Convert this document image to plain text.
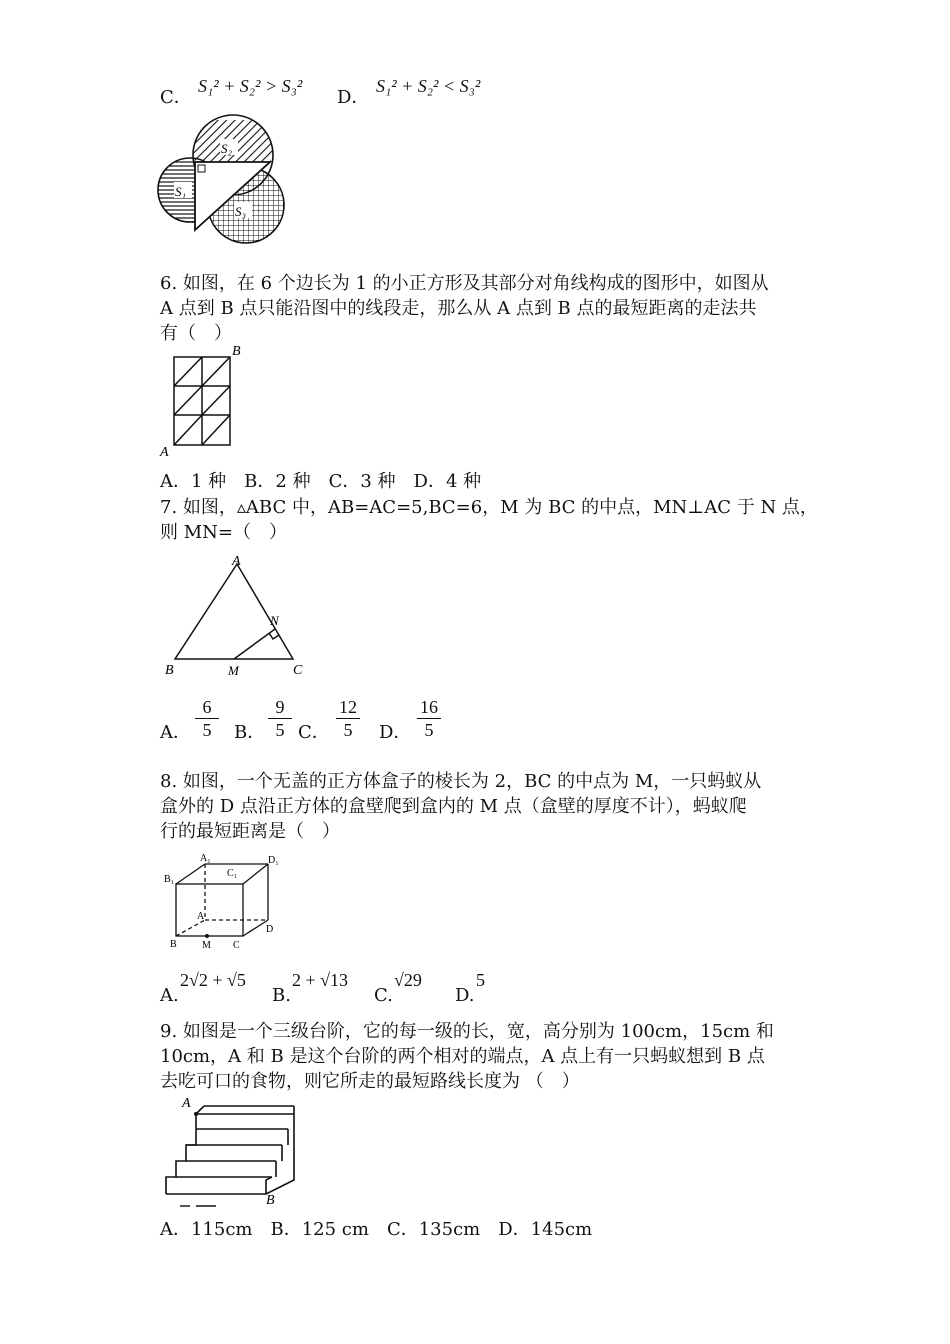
C．
S₁² + S₂² > S₃²
D．
S₁² + S₂² < S₃²
S₁
S₂
S₃
6. 如图，在 6 个边长为 1 的小正方形及其部分对角线构成的图形中，如图从
A 点到 B 点只能沿图中的线段走，那么从 A 点到 B 点的最短距离的走法共
有（　）
A
B
A．1 种　B．2 种　C．3 种　D．4 种
7. 如图，▵ABC 中，AB=AC=5,BC=6，M 为 BC 的中点，MN⊥AC 于 N 点，
则 MN=（　）
A
B	C
M
N
A．
6
5	B．
9
5 C．
12
5	D．
16
5
8. 如图，一个无盖的正方体盒子的棱长为 2，BC 的中点为 M，一只蚂蚁从
盒外的 D 点沿正方体的盒壁爬到盒内的 M 点（盒壁的厚度不计），蚂蚁爬
行的最短距离是（　）
A₁
B₁
C₁
D₁
A
B	M C
D
A.
2√2 + √5
B.
2 + √13
C.
√29
D.
5
9. 如图是一个三级台阶，它的每一级的长，宽，高分别为 100cm，15cm 和
10cm，A 和 B 是这个台阶的两个相对的端点，A 点上有一只蚂蚁想到 B 点
去吃可口的食物，则它所走的最短路线长度为 （　）
A
B
A．115cm　B．125 cm　C．135cm　D．145cm
